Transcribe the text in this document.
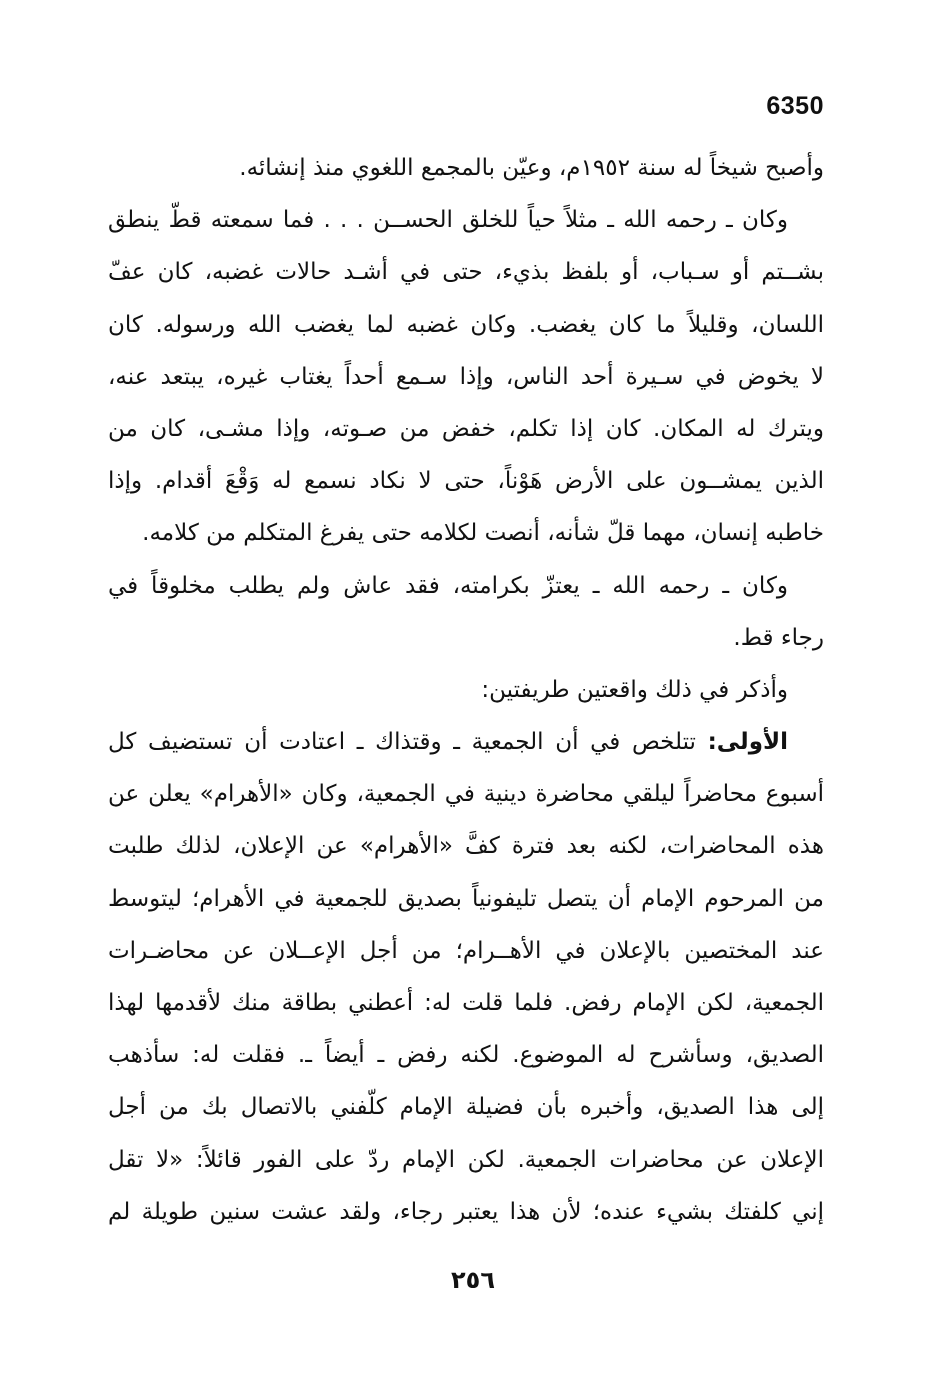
6350
وأصبح شيخاً له سنة ١٩٥٢م، وعيّن بالمجمع اللغوي منذ إنشائه.
وكان ـ رحمه الله ـ مثلاً حياً للخلق الحســن . . . فما سمعته قطّ ينطق
بشــتم أو سـباب، أو بلفظ بذيء، حتى في أشـد حالات غضبه، كان عفّ
اللسان، وقليلاً ما كان يغضب. وكان غضبه لما يغضب الله ورسوله. كان
لا يخوض في سـيرة أحد الناس، وإذا سـمع أحداً يغتاب غيره، يبتعد عنه،
ويترك له المكان. كان إذا تكلم، خفض من صـوته، وإذا مشـى، كان من
الذين يمشــون على الأرض هَوْناً، حتى لا نكاد نسمع له وَقْعَ أقدام. وإذا
خاطبه إنسان، مهما قلّ شأنه، أنصت لكلامه حتى يفرغ المتكلم من كلامه.
وكان ـ رحمه الله ـ يعتزّ بكرامته، فقد عاش ولم يطلب مخلوقاً في
رجاء قط.
وأذكر في ذلك واقعتين طريفتين:
الأولى: تتلخص في أن الجمعية ـ وقتذاك ـ اعتادت أن تستضيف كل
أسبوع محاضراً ليلقي محاضرة دينية في الجمعية، وكان «الأهرام» يعلن عن
هذه المحاضرات، لكنه بعد فترة كفَّ «الأهرام» عن الإعلان، لذلك طلبت
من المرحوم الإمام أن يتصل تليفونياً بصديق للجمعية في الأهرام؛ ليتوسط
عند المختصين بالإعلان في الأهــرام؛ من أجل الإعــلان عن محاضـرات
الجمعية، لكن الإمام رفض. فلما قلت له: أعطني بطاقة منك لأقدمها لهذا
الصديق، وسأشرح له الموضوع. لكنه رفض ـ أيضاً ـ. فقلت له: سأذهب
إلى هذا الصديق، وأخبره بأن فضيلة الإمام كلّفني بالاتصال بك من أجل
الإعلان عن محاضرات الجمعية. لكن الإمام ردّ على الفور قائلاً: «لا تقل
إني كلفتك بشيء عنده؛ لأن هذا يعتبر رجاء، ولقد عشت سنين طويلة لم
٢٥٦
